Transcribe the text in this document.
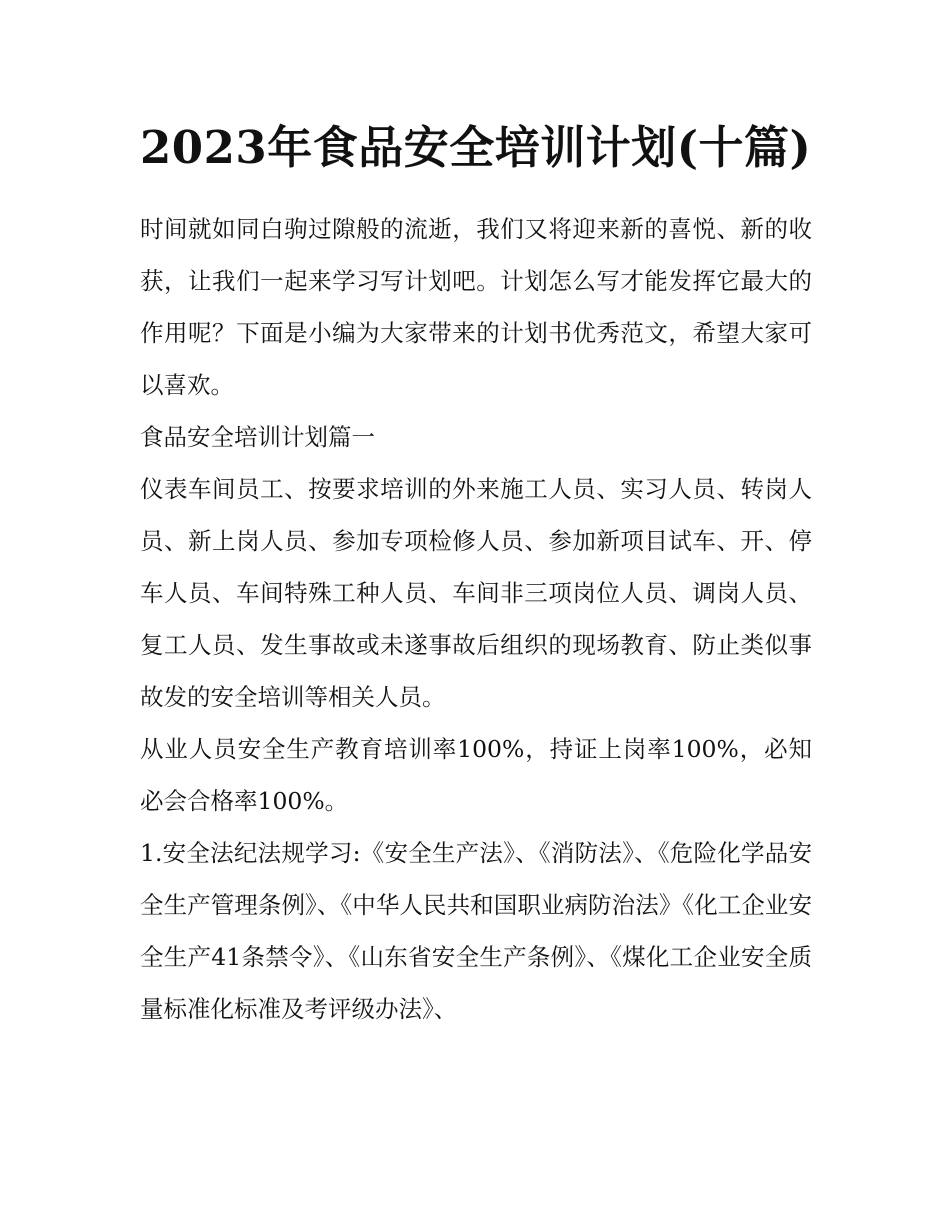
2023年食品安全培训计划(十篇)

时间就如同白驹过隙般的流逝，我们又将迎来新的喜悦、新的收获，让我们一起来学习写计划吧。计划怎么写才能发挥它最大的作用呢？下面是小编为大家带来的计划书优秀范文，希望大家可以喜欢。

食品安全培训计划篇一

仪表车间员工、按要求培训的外来施工人员、实习人员、转岗人员、新上岗人员、参加专项检修人员、参加新项目试车、开、停车人员、车间特殊工种人员、车间非三项岗位人员、调岗人员、复工人员、发生事故或未遂事故后组织的现场教育、防止类似事故发的安全培训等相关人员。

从业人员安全生产教育培训率100%，持证上岗率100%，必知必会合格率100%。

1.安全法纪法规学习:《安全生产法》、《消防法》、《危险化学品安全生产管理条例》、《中华人民共和国职业病防治法》《化工企业安全生产41条禁令》、《山东省安全生产条例》、《煤化工企业安全质量标准化标准及考评级办法》、
